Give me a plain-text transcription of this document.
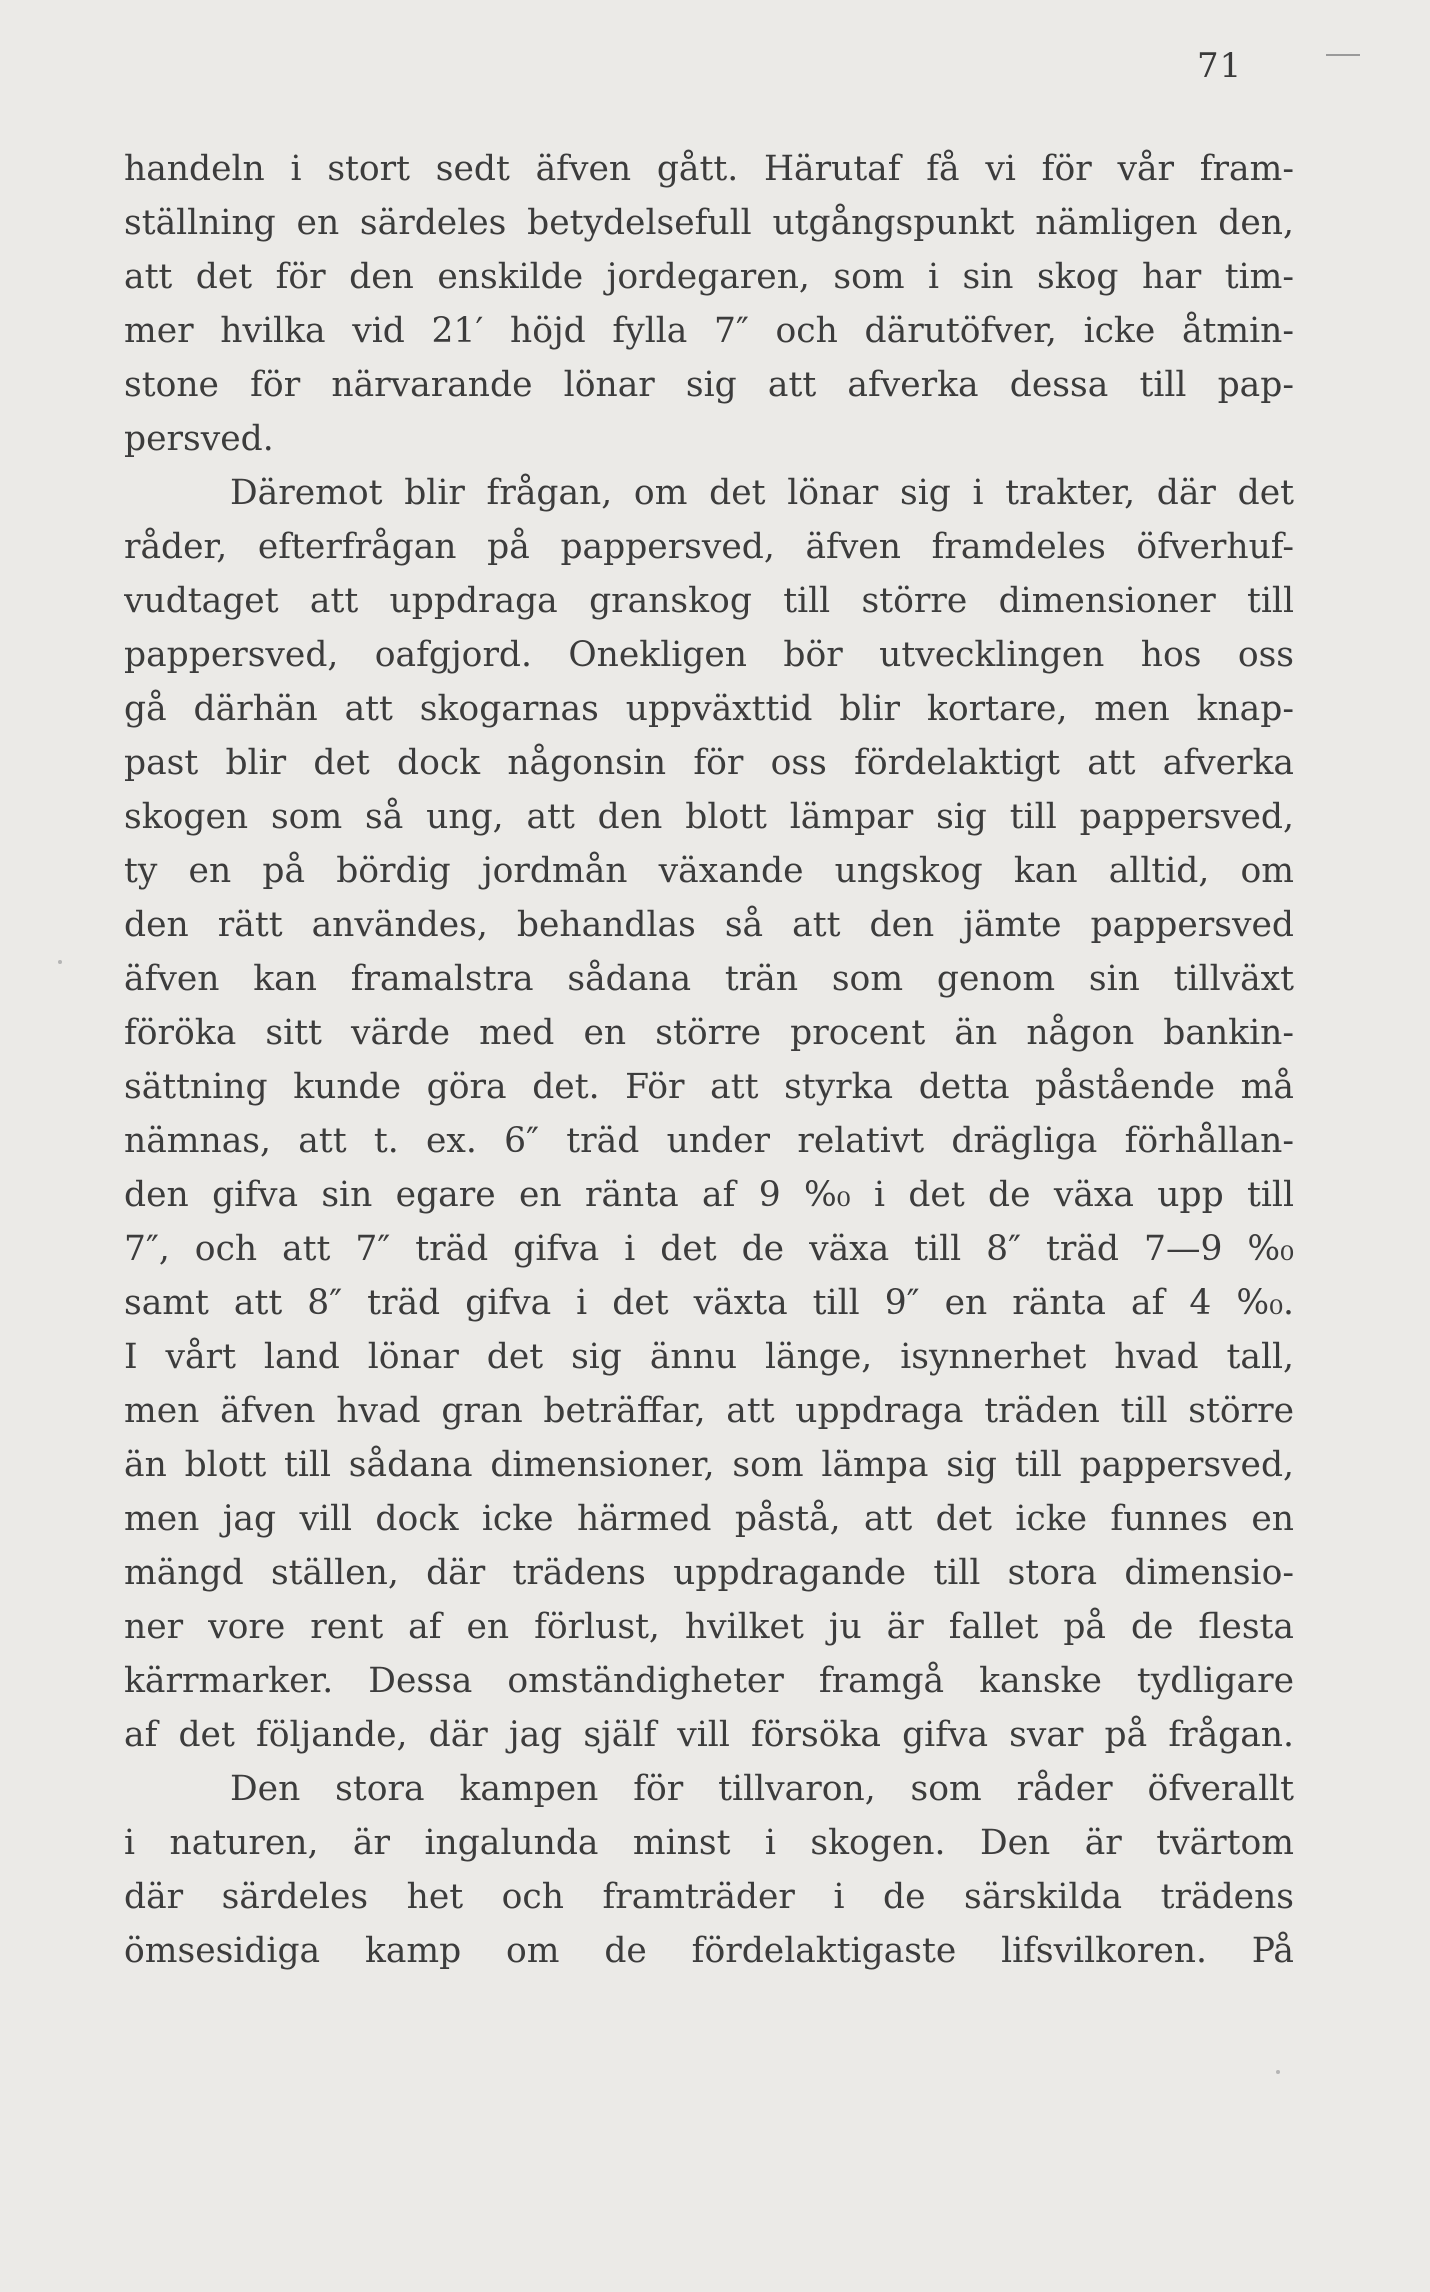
71
handeln i stort sedt äfven gått. Härutaf få vi för vår fram-
ställning en särdeles betydelsefull utgångspunkt nämligen den,
att det för den enskilde jordegaren, som i sin skog har tim-
mer hvilka vid 21′ höjd fylla 7″ och därutöfver, icke åtmin-
stone för närvarande lönar sig att afverka dessa till pap-
persved.
Däremot blir frågan, om det lönar sig i trakter, där det
råder, efterfrågan på pappersved, äfven framdeles öfverhuf-
vudtaget att uppdraga granskog till större dimensioner till
pappersved, oafgjord. Onekligen bör utvecklingen hos oss
gå därhän att skogarnas uppväxttid blir kortare, men knap-
past blir det dock någonsin för oss fördelaktigt att afverka
skogen som så ung, att den blott lämpar sig till pappersved,
ty en på bördig jordmån växande ungskog kan alltid, om
den rätt användes, behandlas så att den jämte pappersved
äfven kan framalstra sådana trän som genom sin tillväxt
föröka sitt värde med en större procent än någon bankin-
sättning kunde göra det. För att styrka detta påstående må
nämnas, att t. ex. 6″ träd under relativt drägliga förhållan-
den gifva sin egare en ränta af 9 %₀ i det de växa upp till
7″, och att 7″ träd gifva i det de växa till 8″ träd 7—9 %₀
samt att 8″ träd gifva i det växta till 9″ en ränta af 4 %₀.
I vårt land lönar det sig ännu länge, isynnerhet hvad tall,
men äfven hvad gran beträffar, att uppdraga träden till större
än blott till sådana dimensioner, som lämpa sig till pappersved,
men jag vill dock icke härmed påstå, att det icke funnes en
mängd ställen, där trädens uppdragande till stora dimensio-
ner vore rent af en förlust, hvilket ju är fallet på de flesta
kärrmarker. Dessa omständigheter framgå kanske tydligare
af det följande, där jag själf vill försöka gifva svar på frågan.
Den stora kampen för tillvaron, som råder öfverallt
i naturen, är ingalunda minst i skogen. Den är tvärtom
där särdeles het och framträder i de särskilda trädens
ömsesidiga kamp om de fördelaktigaste lifsvilkoren. På
